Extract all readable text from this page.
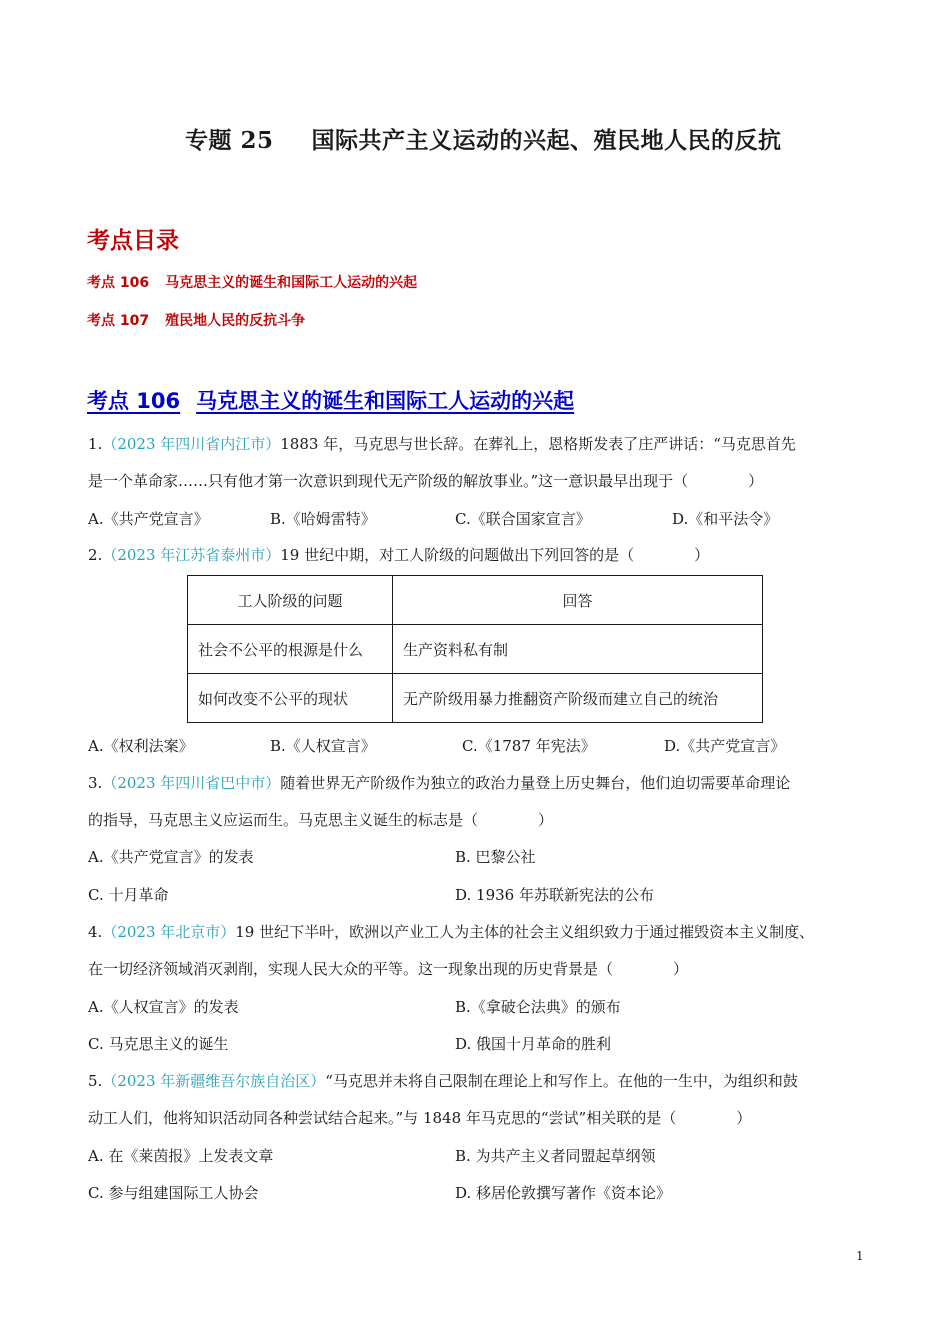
专题 25 国际共产主义运动的兴起、殖民地人民的反抗
考点目录
考点 106 马克思主义的诞生和国际工人运动的兴起
考点 107 殖民地人民的反抗斗争
考点 106 马克思主义的诞生和国际工人运动的兴起
1.（2023 年四川省内江市）1883 年，马克思与世长辞。在葬礼上，恩格斯发表了庄严讲话：“马克思首先
是一个革命家……只有他才第一次意识到现代无产阶级的解放事业。”这一意识最早出现于（　　　　）
A.《共产党宣言》	B.《哈姆雷特》	C.《联合国家宣言》	D.《和平法令》
2.（2023 年江苏省泰州市）19 世纪中期，对工人阶级的问题做出下列回答的是（　　　　）
工人阶级的问题	回答
社会不公平的根源是什么	生产资料私有制
如何改变不公平的现状	无产阶级用暴力推翻资产阶级而建立自己的统治
A.《权利法案》	B.《人权宣言》	C.《1787 年宪法》	D.《共产党宣言》
3.（2023 年四川省巴中市）随着世界无产阶级作为独立的政治力量登上历史舞台，他们迫切需要革命理论
的指导，马克思主义应运而生。马克思主义诞生的标志是（　　　　）
A.《共产党宣言》的发表	B. 巴黎公社
C. 十月革命	D. 1936 年苏联新宪法的公布
4.（2023 年北京市）19 世纪下半叶，欧洲以产业工人为主体的社会主义组织致力于通过摧毁资本主义制度、
在一切经济领域消灭剥削，实现人民大众的平等。这一现象出现的历史背景是（　　　　）
A.《人权宣言》的发表	B.《拿破仑法典》的颁布
C. 马克思主义的诞生	D. 俄国十月革命的胜利
5.（2023 年新疆维吾尔族自治区）“马克思并未将自己限制在理论上和写作上。在他的一生中，为组织和鼓
动工人们，他将知识活动同各种尝试结合起来。”与 1848 年马克思的“尝试”相关联的是（　　　　）
A. 在《莱茵报》上发表文章	B. 为共产主义者同盟起草纲领
C. 参与组建国际工人协会	D. 移居伦敦撰写著作《资本论》
1
